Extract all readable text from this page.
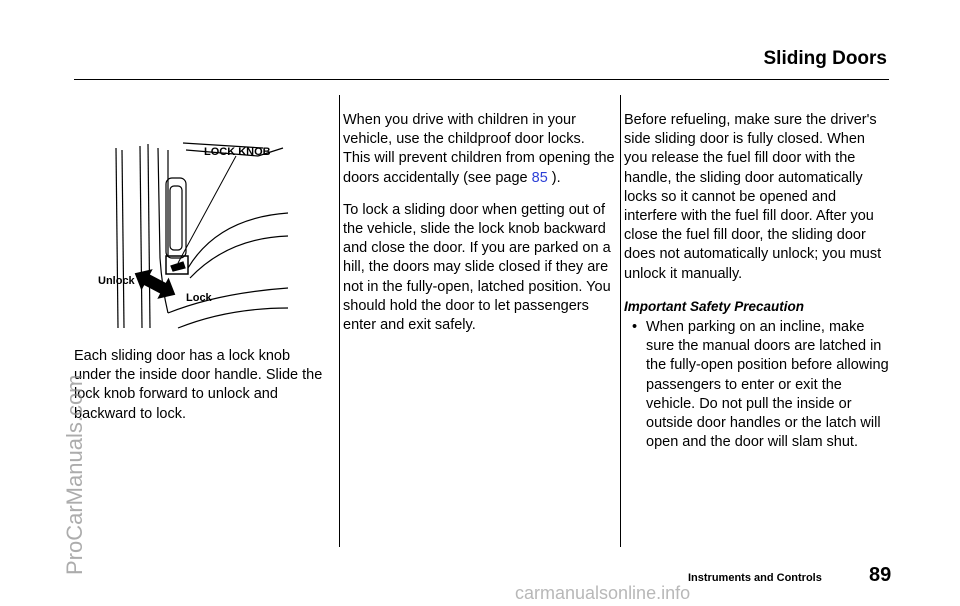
Sliding Doors
LOCK KNOB
Unlock
Lock

Each sliding door has a lock knob under the inside door handle. Slide the lock knob forward to unlock and backward to lock.

When you drive with children in your vehicle, use the childproof door locks. This will prevent children from opening the doors accidentally (see page 85 ).

To lock a sliding door when getting out of the vehicle, slide the lock knob backward and close the door. If you are parked on a hill, the doors may slide closed if they are not in the fully-open, latched position. You should hold the door to let passengers enter and exit safely.

Before refueling, make sure the driver's side sliding door is fully closed. When you release the fuel fill door with the handle, the sliding door automatically locks so it cannot be opened and interfere with the fuel fill door. After you close the fuel fill door, the sliding door does not automatically unlock; you must unlock it manually.

Important Safety Precaution
• When parking on an incline, make sure the manual doors are latched in the fully-open position before allowing passengers to enter or exit the vehicle. Do not pull the inside or outside door handles or the latch will open and the door will slam shut.
Instruments and Controls 89
ProCarManuals.com
carmanualsonline.info
